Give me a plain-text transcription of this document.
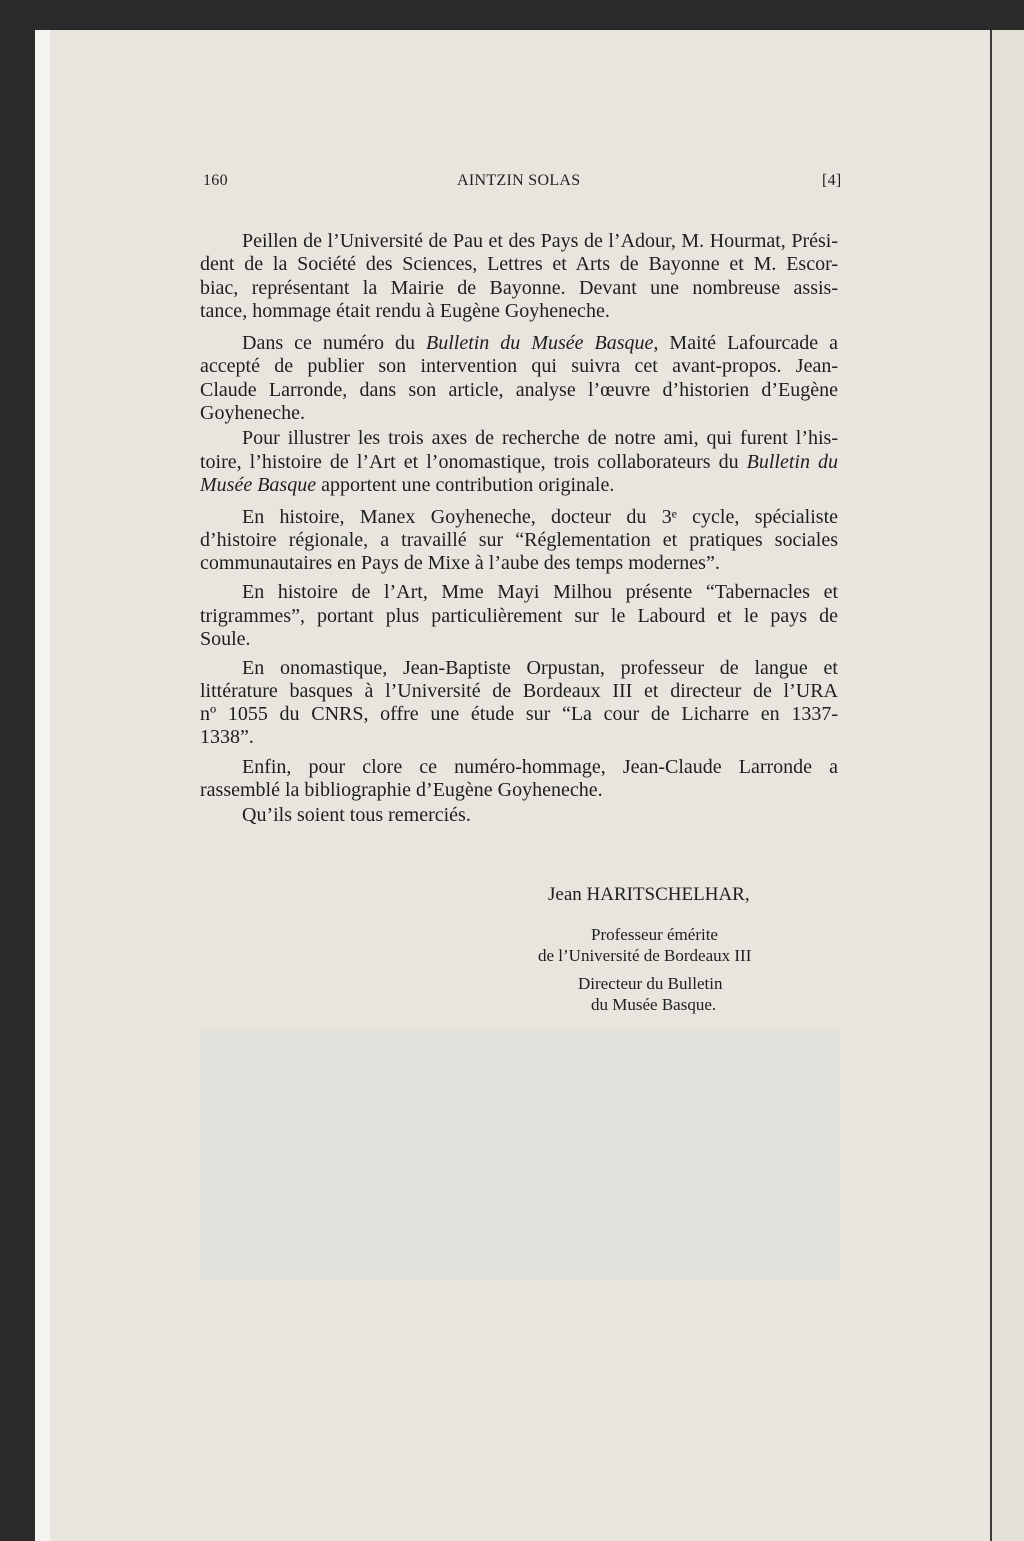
160	AINTZIN SOLAS	[4]
Peillen de l’Université de Pau et des Pays de l’Adour, M. Hourmat, Prési-
dent de la Société des Sciences, Lettres et Arts de Bayonne et M. Escor-
biac, représentant la Mairie de Bayonne. Devant une nombreuse assis-
tance, hommage était rendu à Eugène Goyheneche.
Dans ce numéro du Bulletin du Musée Basque, Maité Lafourcade a
accepté de publier son intervention qui suivra cet avant-propos. Jean-
Claude Larronde, dans son article, analyse l’œuvre d’historien d’Eugène
Goyheneche.
Pour illustrer les trois axes de recherche de notre ami, qui furent l’his-
toire, l’histoire de l’Art et l’onomastique, trois collaborateurs du Bulletin du
Musée Basque apportent une contribution originale.
En histoire, Manex Goyheneche, docteur du 3ᵉ cycle, spécialiste
d’histoire régionale, a travaillé sur “Réglementation et pratiques sociales
communautaires en Pays de Mixe à l’aube des temps modernes”.
En histoire de l’Art, Mme Mayi Milhou présente “Tabernacles et
trigrammes”, portant plus particulièrement sur le Labourd et le pays de
Soule.
En onomastique, Jean-Baptiste Orpustan, professeur de langue et
littérature basques à l’Université de Bordeaux III et directeur de l’URA
nº 1055 du CNRS, offre une étude sur “La cour de Licharre en 1337-
1338”.
Enfin, pour clore ce numéro-hommage, Jean-Claude Larronde a
rassemblé la bibliographie d’Eugène Goyheneche.
Qu’ils soient tous remerciés.
Jean HARITSCHELHAR,
Professeur émérite
de l’Université de Bordeaux III
Directeur du Bulletin
du Musée Basque.
